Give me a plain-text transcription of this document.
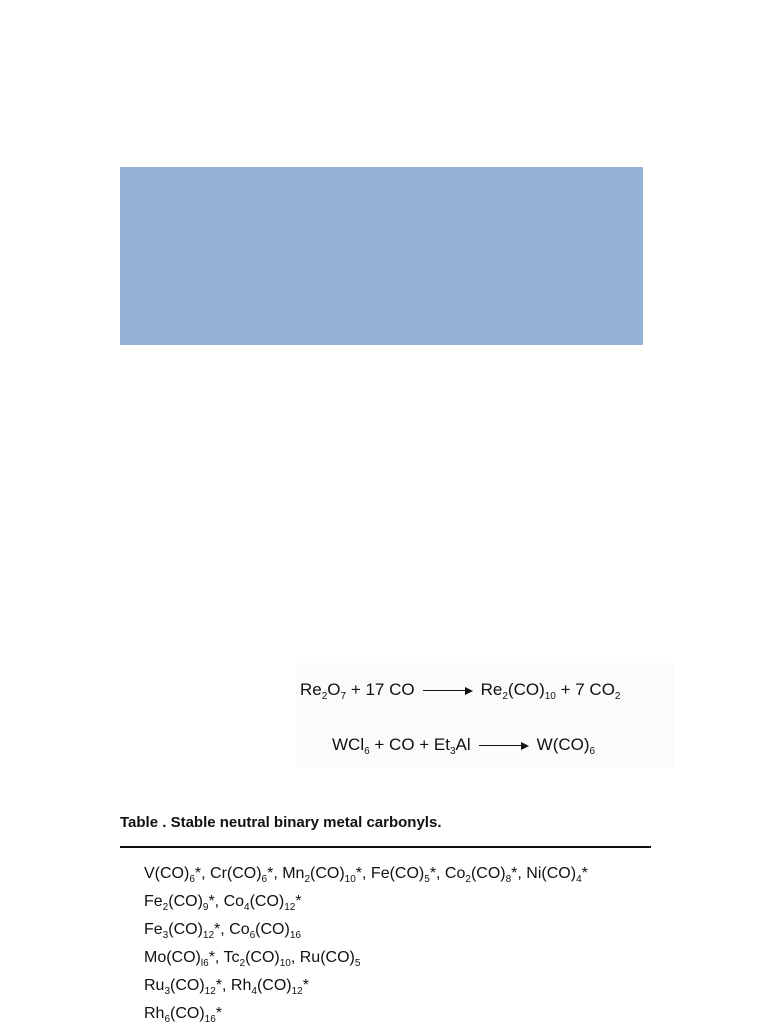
$Re_2O_7 + 17$ CO	$Re_2(CO)_{10} + 7$ $CO_2$
WCl$_6$ + CO + $Et_3Al$	$W(CO)_6$
Table . Stable neutral binary metal carbonyls.
$V(CO)_6*$, $Cr(CO)_6*$, $Mn_2(CO)_{10}*$, $Fe(CO)_5*$, $Co_2(CO)_8*$, $Ni(CO)_4*$
$Fe_2(CO)_9*$, $Co_4(CO)_{12}*$
$Fe_3(CO)_{12}*$, $Co_6(CO)_{16}$
$Mo(CO)_{l6}*$, $Tc_2(CO)_{10}$, $Ru(CO)_5$
$Ru_3(CO)_{12}*$, $Rh_4(CO)_{12}*$
$Rh_6(CO)_{16}*$
